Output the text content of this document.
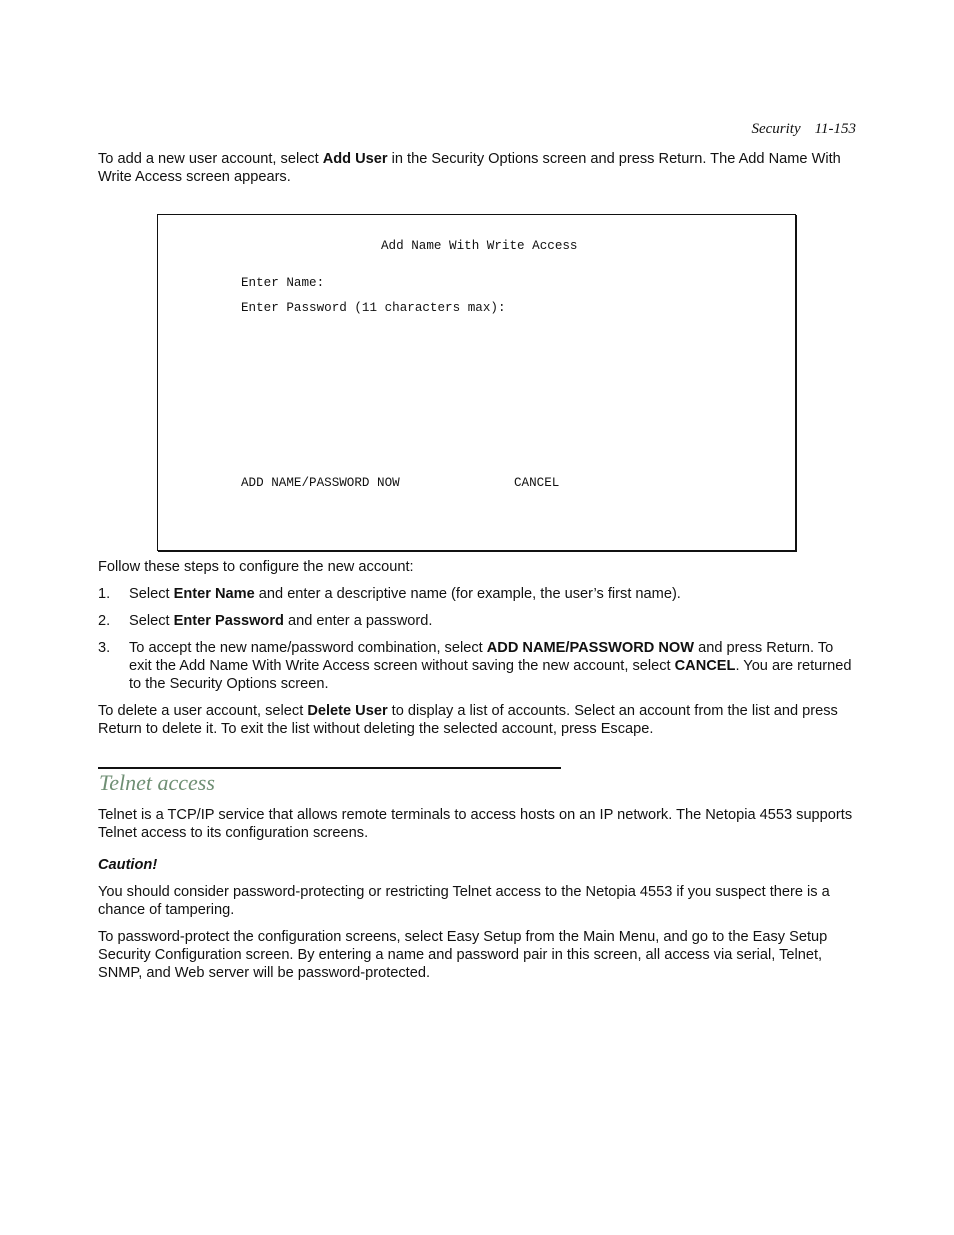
Security 11-153

To add a new user account, select Add User in the Security Options screen and press Return. The Add Name With Write Access screen appears.

Add Name With Write Access
Enter Name:
Enter Password (11 characters max):
ADD NAME/PASSWORD NOW	CANCEL

Follow these steps to configure the new account:

1. Select Enter Name and enter a descriptive name (for example, the user’s first name).
2. Select Enter Password and enter a password.
3. To accept the new name/password combination, select ADD NAME/PASSWORD NOW and press Return. To exit the Add Name With Write Access screen without saving the new account, select CANCEL. You are returned to the Security Options screen.

To delete a user account, select Delete User to display a list of accounts. Select an account from the list and press Return to delete it. To exit the list without deleting the selected account, press Escape.

Telnet access

Telnet is a TCP/IP service that allows remote terminals to access hosts on an IP network. The Netopia 4553 supports Telnet access to its configuration screens.

Caution!

You should consider password-protecting or restricting Telnet access to the Netopia 4553 if you suspect there is a chance of tampering.

To password-protect the configuration screens, select Easy Setup from the Main Menu, and go to the Easy Setup Security Configuration screen. By entering a name and password pair in this screen, all access via serial, Telnet, SNMP, and Web server will be password-protected.
